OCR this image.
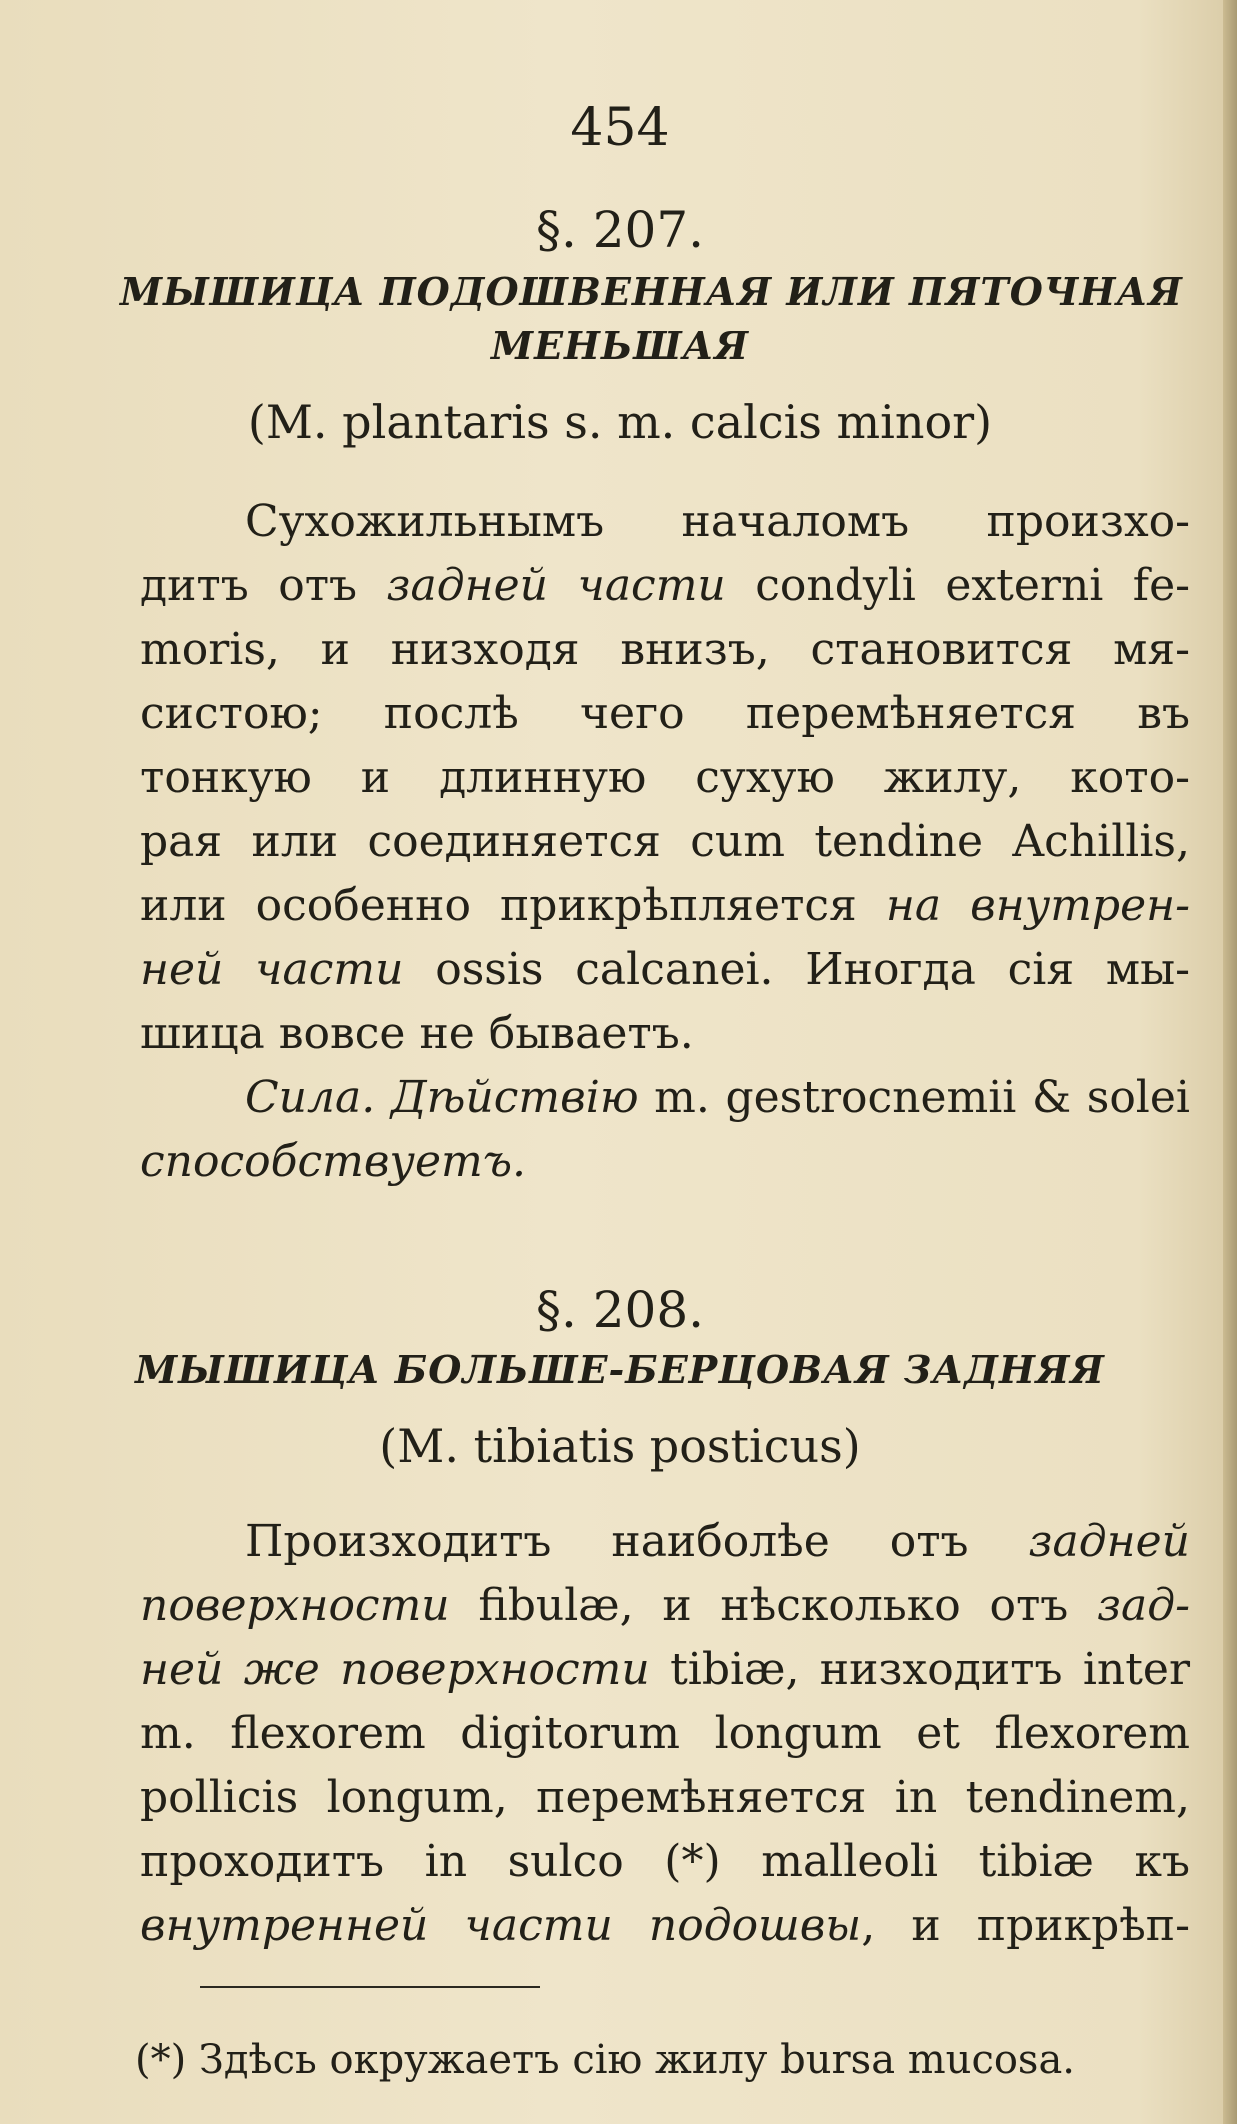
454
§. 207.
МЫШИЦА ПОДОШВЕННАЯ ИЛИ ПЯТОЧНАЯ
МЕНЬШАЯ
(M. plantaris s. m. calcis minor)
Сухожильнымъ началомъ произхо-
дитъ отъ задней части condyli externi fe-
moris, и низходя внизъ, становится мя-
систою; послѣ чего перемѣняется въ
тонкую и длинную сухую жилу, кото-
рая или соединяется cum tendine Achillis,
или особенно прикрѣпляется на внутрен-
ней части ossis calcanei. Иногда сія мы-
шица вовсе не бываетъ.
Сила. Дѣйствію m. gestrocnemii & solei
способствуетъ.
§. 208.
МЫШИЦА БОЛЬШЕ-БЕРЦОВАЯ ЗАДНЯЯ
(M. tibiatis posticus)
Произходитъ наиболѣе отъ задней
поверхности fibulæ, и нѣсколько отъ зад-
ней же поверхности tibiæ, низходитъ inter
m. flexorem digitorum longum et flexorem
pollicis longum, перемѣняется in tendinem,
проходитъ in sulco (*) malleoli tibiæ къ
внутренней части подошвы, и прикрѣп-
(*) Здѣсь окружаетъ сію жилу bursa mucosa.
